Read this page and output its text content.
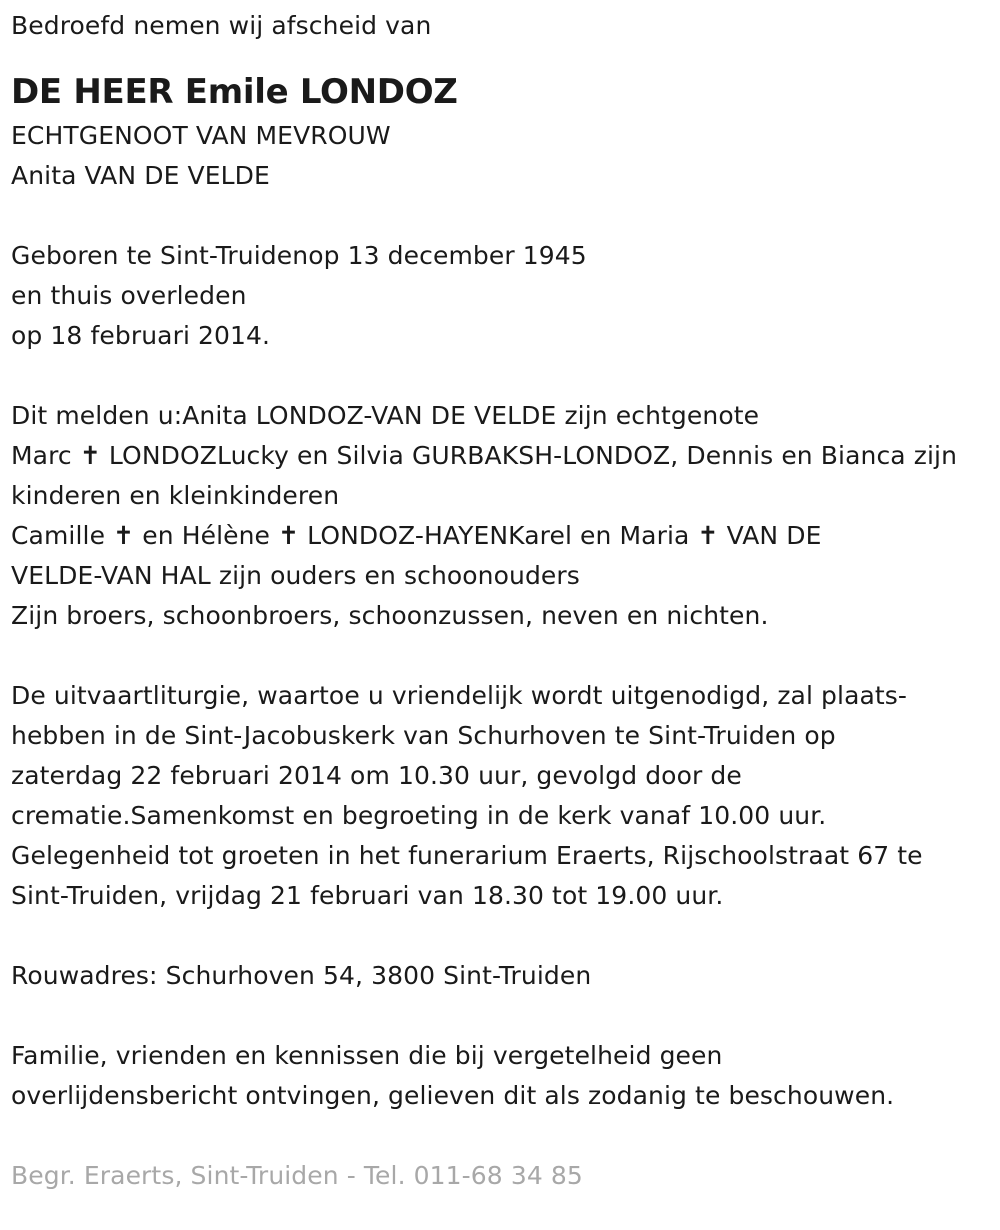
Bedroefd nemen wij afscheid van
DE HEER Emile LONDOZ
ECHTGENOOT VAN MEVROUW
Anita VAN DE VELDE
Geboren te Sint-Truidenop 13 december 1945
en thuis overleden
op 18 februari 2014.
Dit melden u:Anita LONDOZ-VAN DE VELDE zijn echtgenote
Marc ✝ LONDOZLucky en Silvia GURBAKSH-LONDOZ, Dennis en Bianca zijn
kinderen en kleinkinderen
Camille ✝ en Hélène ✝ LONDOZ-HAYENKarel en Maria ✝ VAN DE
VELDE-VAN HAL zijn ouders en schoonouders
Zijn broers, schoonbroers, schoonzussen, neven en nichten.
De uitvaartliturgie, waartoe u vriendelijk wordt uitgenodigd, zal plaats-
hebben in de Sint-Jacobuskerk van Schurhoven te Sint-Truiden op
zaterdag 22 februari 2014 om 10.30 uur, gevolgd door de
crematie.Samenkomst en begroeting in de kerk vanaf 10.00 uur.
Gelegenheid tot groeten in het funerarium Eraerts, Rijschoolstraat 67 te
Sint-Truiden, vrijdag 21 februari van 18.30 tot 19.00 uur.
Rouwadres: Schurhoven 54, 3800 Sint-Truiden
Familie, vrienden en kennissen die bij vergetelheid geen
overlijdensbericht ontvingen, gelieven dit als zodanig te beschouwen.
Begr. Eraerts, Sint-Truiden - Tel. 011-68 34 85
